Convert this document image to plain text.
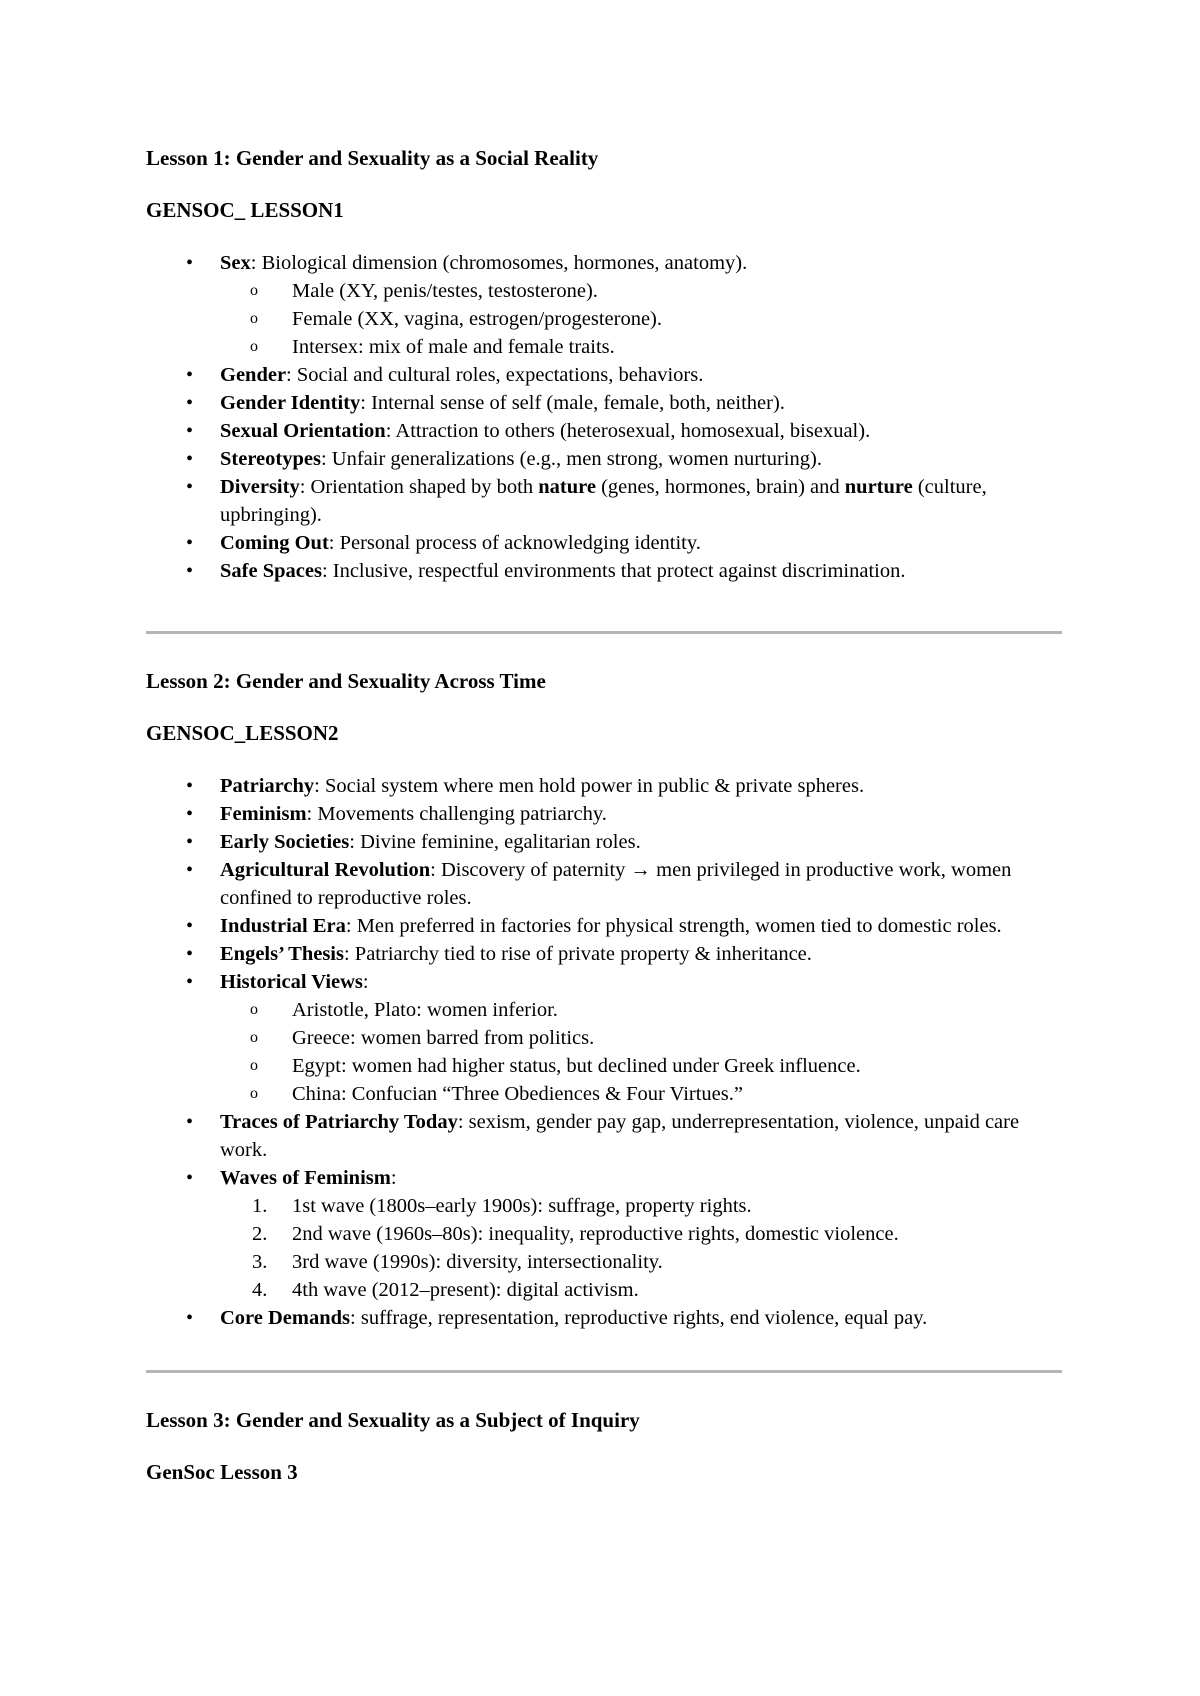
Lesson 1: Gender and Sexuality as a Social Reality

GENSOC_ LESSON1

• Sex: Biological dimension (chromosomes, hormones, anatomy).
o Male (XY, penis/testes, testosterone).
o Female (XX, vagina, estrogen/progesterone).
o Intersex: mix of male and female traits.
• Gender: Social and cultural roles, expectations, behaviors.
• Gender Identity: Internal sense of self (male, female, both, neither).
• Sexual Orientation: Attraction to others (heterosexual, homosexual, bisexual).
• Stereotypes: Unfair generalizations (e.g., men strong, women nurturing).
• Diversity: Orientation shaped by both nature (genes, hormones, brain) and nurture (culture, upbringing).
• Coming Out: Personal process of acknowledging identity.
• Safe Spaces: Inclusive, respectful environments that protect against discrimination.

Lesson 2: Gender and Sexuality Across Time

GENSOC_LESSON2

• Patriarchy: Social system where men hold power in public & private spheres.
• Feminism: Movements challenging patriarchy.
• Early Societies: Divine feminine, egalitarian roles.
• Agricultural Revolution: Discovery of paternity → men privileged in productive work, women confined to reproductive roles.
• Industrial Era: Men preferred in factories for physical strength, women tied to domestic roles.
• Engels’ Thesis: Patriarchy tied to rise of private property & inheritance.
• Historical Views:
o Aristotle, Plato: women inferior.
o Greece: women barred from politics.
o Egypt: women had higher status, but declined under Greek influence.
o China: Confucian “Three Obediences & Four Virtues.”
• Traces of Patriarchy Today: sexism, gender pay gap, underrepresentation, violence, unpaid care work.
• Waves of Feminism:
1. 1st wave (1800s–early 1900s): suffrage, property rights.
2. 2nd wave (1960s–80s): inequality, reproductive rights, domestic violence.
3. 3rd wave (1990s): diversity, intersectionality.
4. 4th wave (2012–present): digital activism.
• Core Demands: suffrage, representation, reproductive rights, end violence, equal pay.

Lesson 3: Gender and Sexuality as a Subject of Inquiry

GenSoc Lesson 3
